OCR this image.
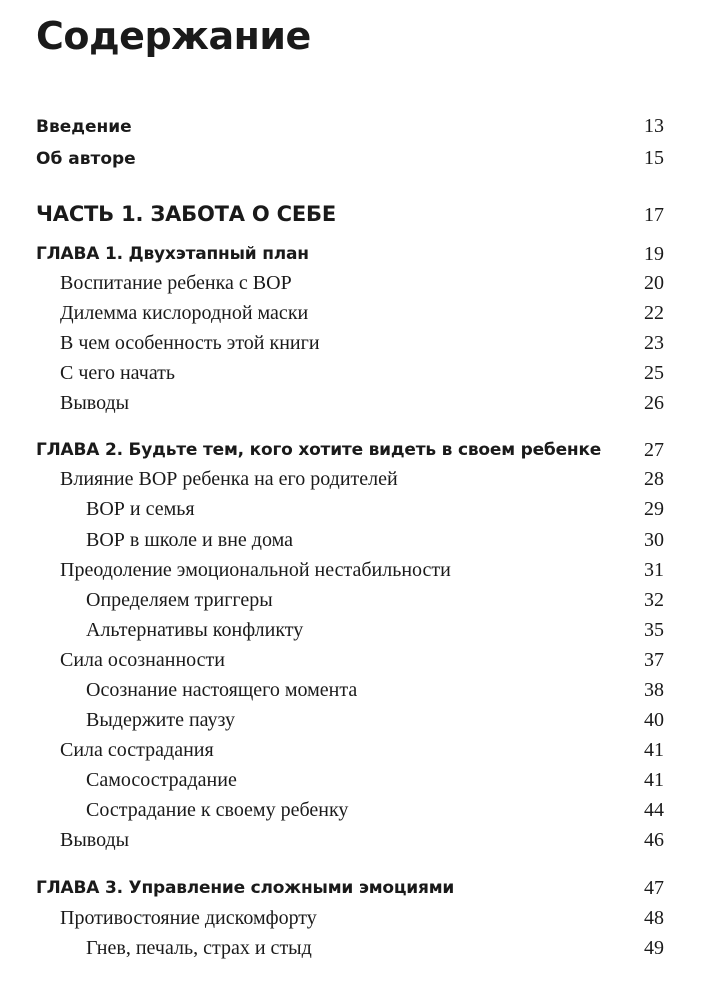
Содержание
Введение	13
Об авторе	15
ЧАСТЬ 1. ЗАБОТА О СЕБЕ	17
ГЛАВА 1. Двухэтапный план	19
Воспитание ребенка с ВОР	20
Дилемма кислородной маски	22
В чем особенность этой книги	23
С чего начать	25
Выводы	26
ГЛАВА 2. Будьте тем, кого хотите видеть в своем ребенке 27
Влияние ВОР ребенка на его родителей	28
ВОР и семья	29
ВОР в школе и вне дома	30
Преодоление эмоциональной нестабильности	31
Определяем триггеры	32
Альтернативы конфликту	35
Сила осознанности	37
Осознание настоящего момента	38
Выдержите паузу	40
Сила сострадания	41
Самосострадание	41
Сострадание к своему ребенку	44
Выводы	46
ГЛАВА 3. Управление сложными эмоциями	47
Противостояние дискомфорту	48
Гнев, печаль, страх и стыд	49
